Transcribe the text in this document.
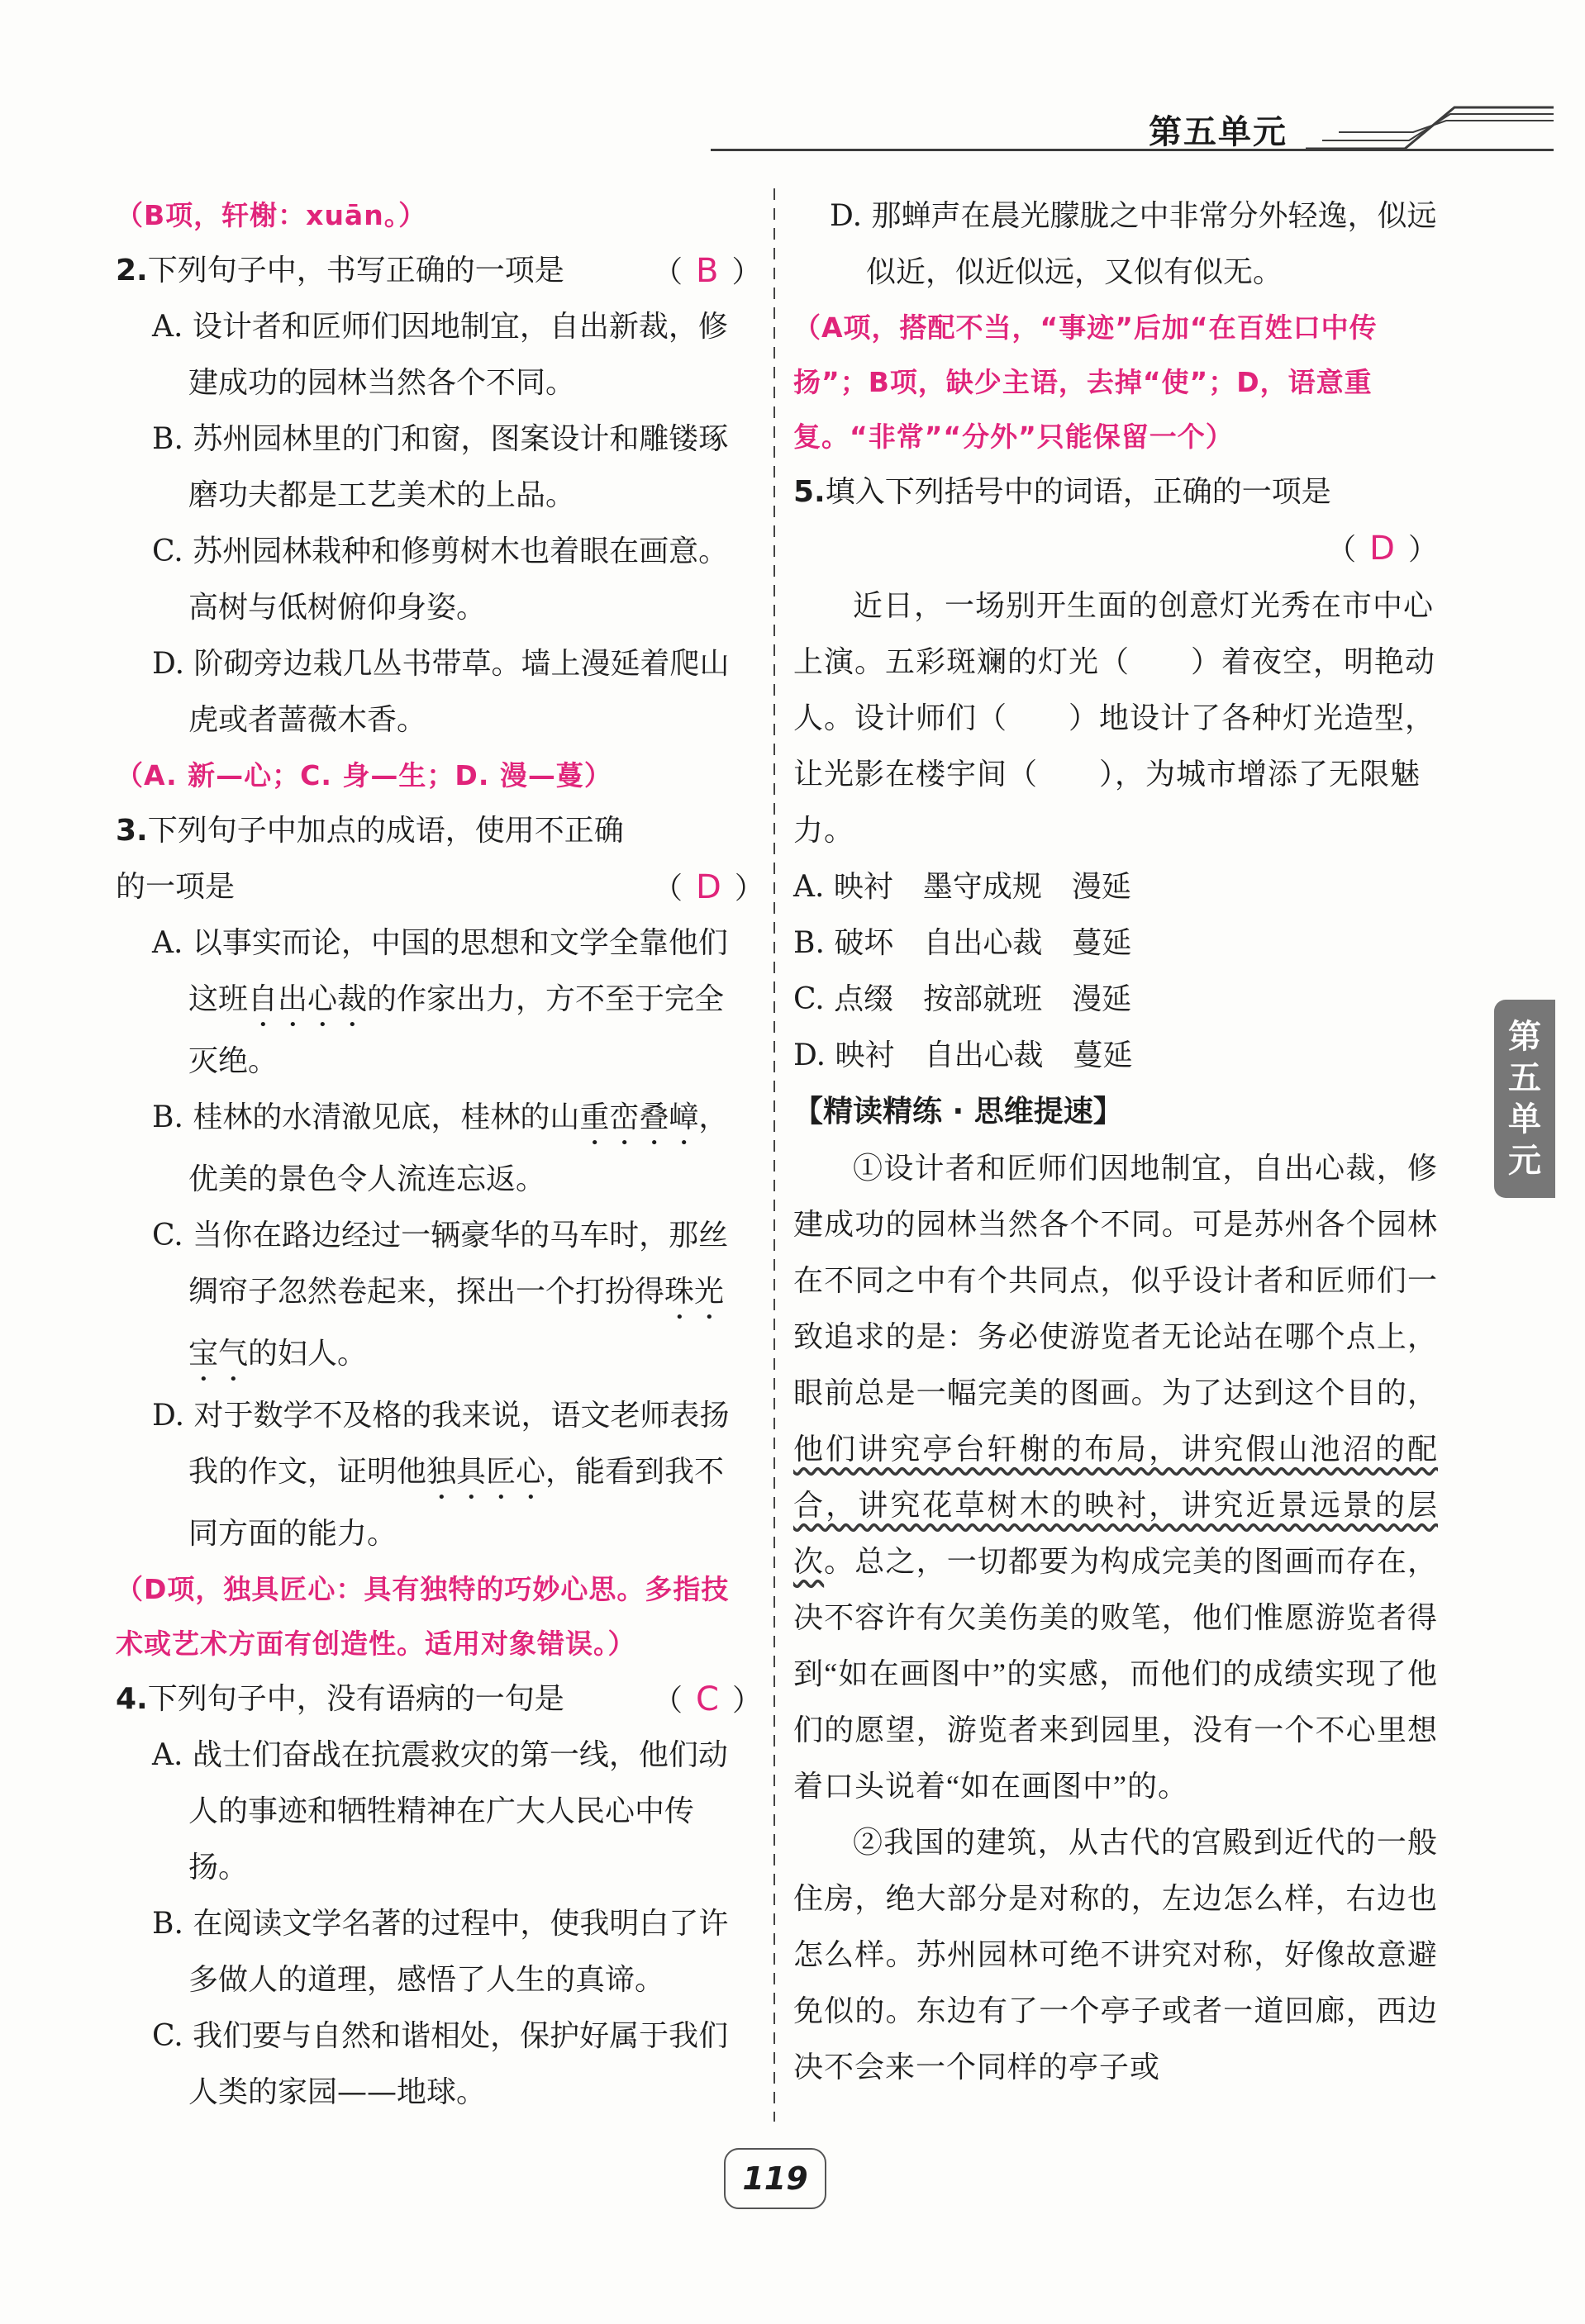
第五单元
（B项，轩榭：xuān。）
2.下列句子中，书写正确的一项是	（ B ）
A. 设计者和匠师们因地制宜，自出新裁，修建成功的园林当然各个不同。
B. 苏州园林里的门和窗，图案设计和雕镂琢磨功夫都是工艺美术的上品。
C. 苏州园林栽种和修剪树木也着眼在画意。高树与低树俯仰身姿。
D. 阶砌旁边栽几丛书带草。墙上漫延着爬山虎或者蔷薇木香。
（A. 新—心；C. 身—生；D. 漫—蔓）
3.下列句子中加点的成语，使用不正确的一项是	（ D ）
A. 以事实而论，中国的思想和文学全靠他们这班自出心裁的作家出力，方不至于完全灭绝。
B. 桂林的水清澈见底，桂林的山重峦叠嶂，优美的景色令人流连忘返。
C. 当你在路边经过一辆豪华的马车时，那丝绸帘子忽然卷起来，探出一个打扮得珠光宝气的妇人。
D. 对于数学不及格的我来说，语文老师表扬我的作文，证明他独具匠心，能看到我不同方面的能力。
（D项，独具匠心：具有独特的巧妙心思。多指技术或艺术方面有创造性。适用对象错误。）
4.下列句子中，没有语病的一句是	（ C ）
A. 战士们奋战在抗震救灾的第一线，他们动人的事迹和牺牲精神在广大人民心中传扬。
B. 在阅读文学名著的过程中，使我明白了许多做人的道理，感悟了人生的真谛。
C. 我们要与自然和谐相处，保护好属于我们人类的家园——地球。
D. 那蝉声在晨光朦胧之中非常分外轻逸，似远似近，似近似远，又似有似无。
（A项，搭配不当，“事迹”后加“在百姓口中传扬”；B项，缺少主语，去掉“使”；D，语意重复。“非常”“分外”只能保留一个）
5.填入下列括号中的词语，正确的一项是
（ D ）
近日，一场别开生面的创意灯光秀在市中心上演。五彩斑斓的灯光（　　）着夜空，明艳动人。设计师们（　　）地设计了各种灯光造型，让光影在楼宇间（　　），为城市增添了无限魅力。
A. 映衬　墨守成规　漫延
B. 破坏　自出心裁　蔓延
C. 点缀　按部就班　漫延
D. 映衬　自出心裁　蔓延
【精读精练 · 思维提速】
①设计者和匠师们因地制宜，自出心裁，修建成功的园林当然各个不同。可是苏州各个园林在不同之中有个共同点，似乎设计者和匠师们一致追求的是：务必使游览者无论站在哪个点上，眼前总是一幅完美的图画。为了达到这个目的，他们讲究亭台轩榭的布局，讲究假山池沼的配合，讲究花草树木的映衬，讲究近景远景的层次。总之，一切都要为构成完美的图画而存在，决不容许有欠美伤美的败笔，他们惟愿游览者得到“如在画图中”的实感，而他们的成绩实现了他们的愿望，游览者来到园里，没有一个不心里想着口头说着“如在画图中”的。
②我国的建筑，从古代的宫殿到近代的一般住房，绝大部分是对称的，左边怎么样，右边也怎么样。苏州园林可绝不讲究对称，好像故意避免似的。东边有了一个亭子或者一道回廊，西边决不会来一个同样的亭子或
第
五
单
元
119
